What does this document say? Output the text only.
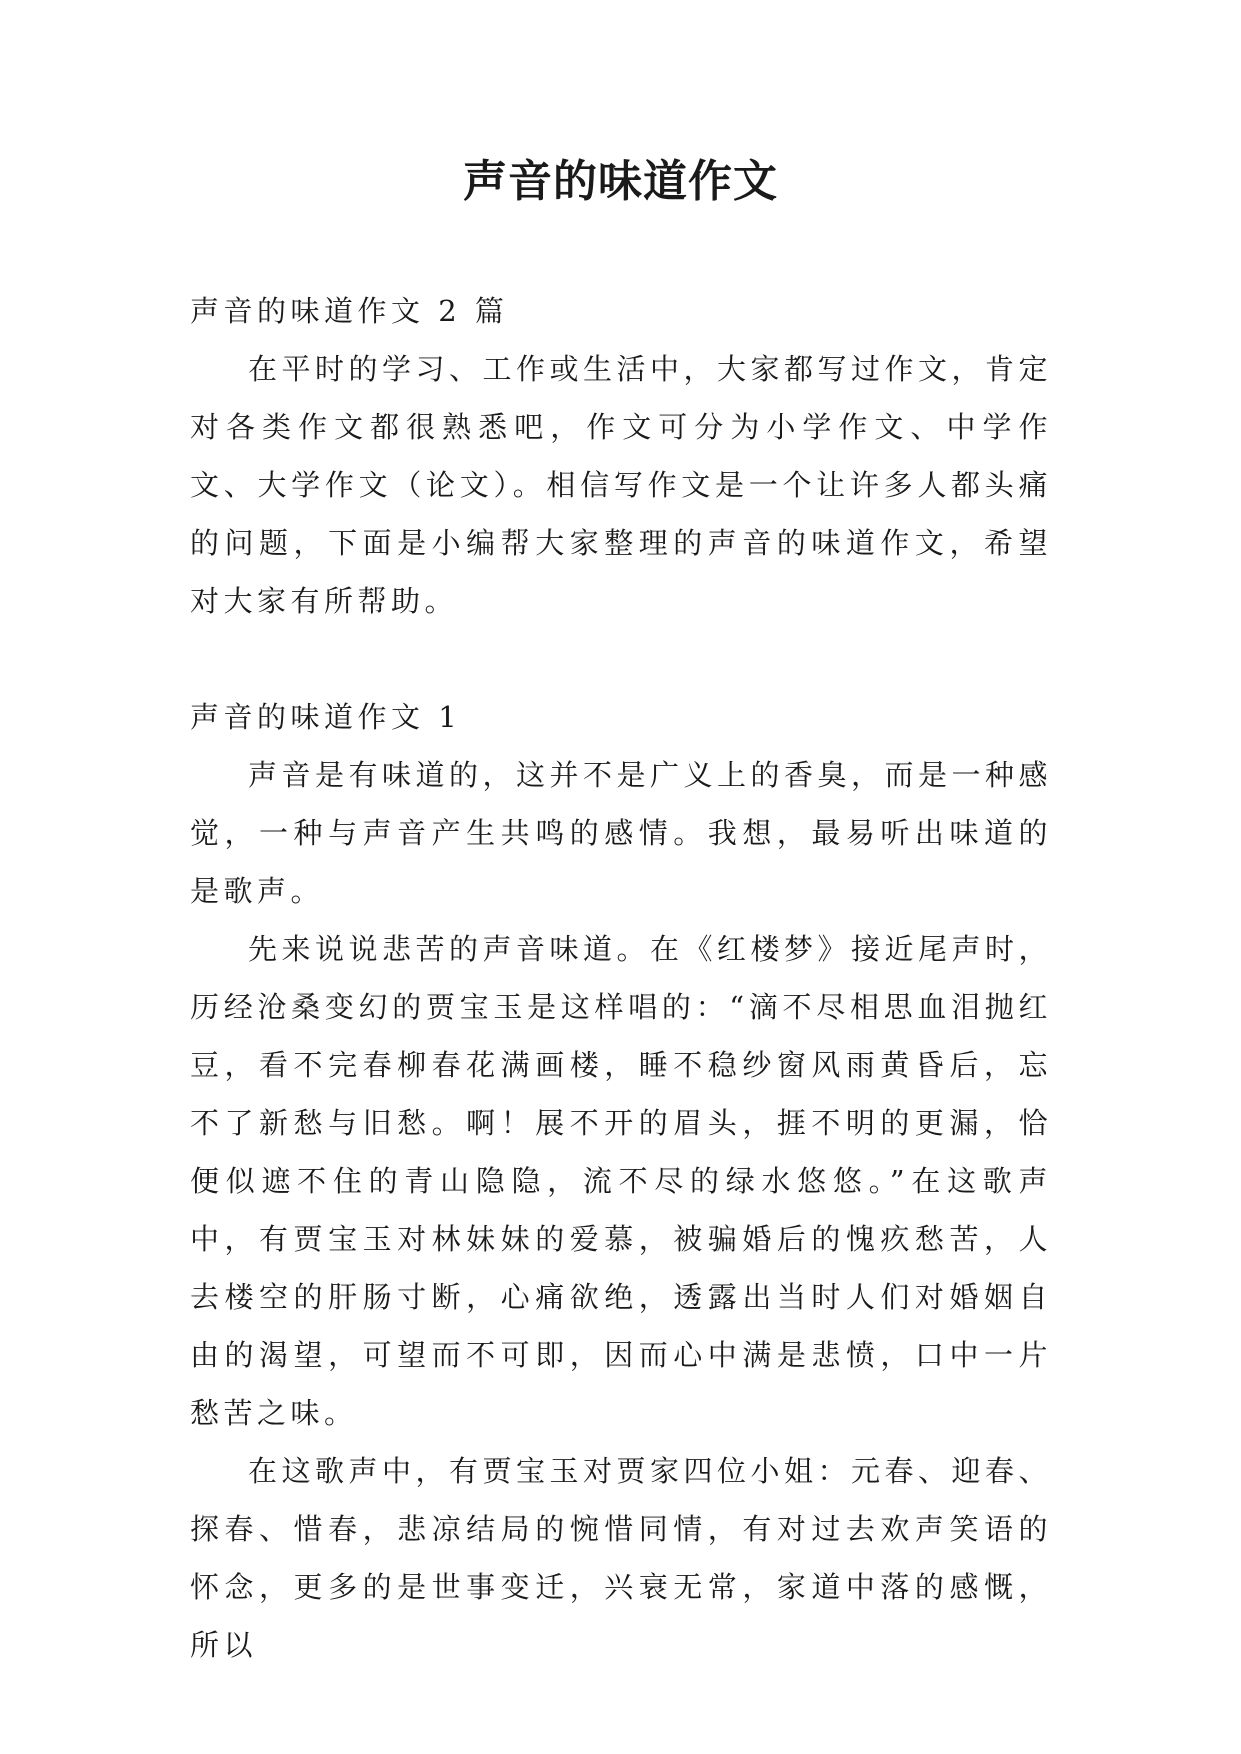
声音的味道作文

声音的味道作文 2 篇

在平时的学习、工作或生活中，大家都写过作文，肯定对各类作文都很熟悉吧，作文可分为小学作文、中学作文、大学作文（论文）。相信写作文是一个让许多人都头痛的问题，下面是小编帮大家整理的声音的味道作文，希望对大家有所帮助。

声音的味道作文 1

声音是有味道的，这并不是广义上的香臭，而是一种感觉，一种与声音产生共鸣的感情。我想，最易听出味道的是歌声。

先来说说悲苦的声音味道。在《红楼梦》接近尾声时，历经沧桑变幻的贾宝玉是这样唱的：“滴不尽相思血泪抛红豆，看不完春柳春花满画楼，睡不稳纱窗风雨黄昏后，忘不了新愁与旧愁。啊！展不开的眉头，捱不明的更漏，恰便似遮不住的青山隐隐，流不尽的绿水悠悠。”在这歌声中，有贾宝玉对林妹妹的爱慕，被骗婚后的愧疚愁苦，人去楼空的肝肠寸断，心痛欲绝，透露出当时人们对婚姻自由的渴望，可望而不可即，因而心中满是悲愤，口中一片愁苦之味。

在这歌声中，有贾宝玉对贾家四位小姐：元春、迎春、探春、惜春，悲凉结局的惋惜同情，有对过去欢声笑语的怀念，更多的是世事变迁，兴衰无常，家道中落的感慨，所以
